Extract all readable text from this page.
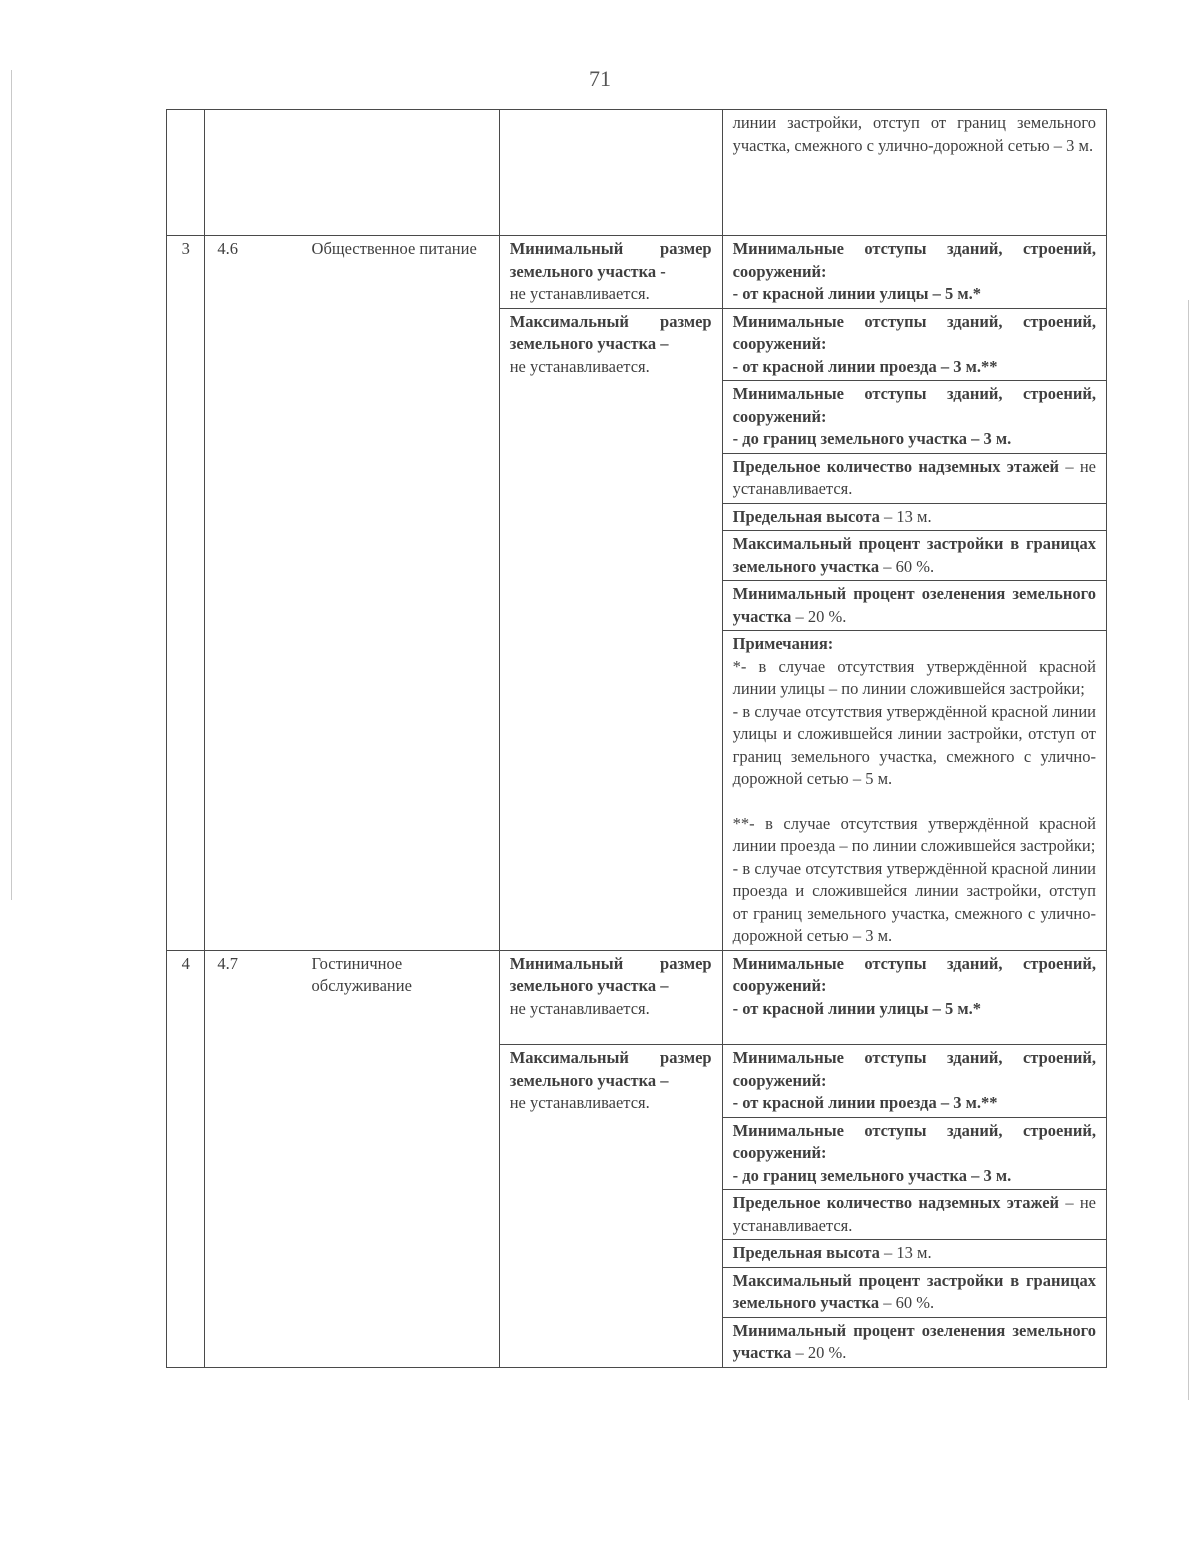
71
				линии застройки, отступ от границ земельного участка, смежного с улично-дорожной сетью – 3 м.
3	4.6	Общественное питание	Минимальный размер земельного участка -
не устанавливается.	Минимальные отступы зданий, строений, сооружений:
- от красной линии улицы – 5 м.*

			Максимальный размер земельного участка –
не устанавливается.	Минимальные отступы зданий, строений, сооружений:
- от красной линии проезда – 3 м.**

				Минимальные отступы зданий, строений, сооружений:
- до границ земельного участка – 3 м.
				Предельное количество надземных этажей – не устанавливается.
				Предельная высота – 13 м.
				Максимальный процент застройки в границах земельного участка – 60 %.
				Минимальный процент озеленения земельного участка – 20 %.

				Примечания:
*- в случае отсутствия утверждённой красной линии улицы – по линии сложившейся застройки;
- в случае отсутствия утверждённой красной линии улицы и сложившейся линии застройки, отступ от границ земельного участка, смежного с улично-дорожной сетью – 5 м.
**- в случае отсутствия утверждённой красной линии проезда – по линии сложившейся застройки;
- в случае отсутствия утверждённой красной линии проезда и сложившейся линии застройки, отступ от границ земельного участка, смежного с улично-дорожной сетью – 3 м.

4	4.7	Гостиничное обслуживание	Минимальный размер земельного участка –
не устанавливается.	Минимальные отступы зданий, строений, сооружений:
- от красной линии улицы – 5 м.*

			Максимальный размер земельного участка –
не устанавливается.	Минимальные отступы зданий, строений, сооружений:
- от красной линии проезда – 3 м.**

				Минимальные отступы зданий, строений, сооружений:
- до границ земельного участка – 3 м.
				Предельное количество надземных этажей – не устанавливается.
				Предельная высота – 13 м.
				Максимальный процент застройки в границах земельного участка – 60 %.
				Минимальный процент озеленения земельного участка – 20 %.
